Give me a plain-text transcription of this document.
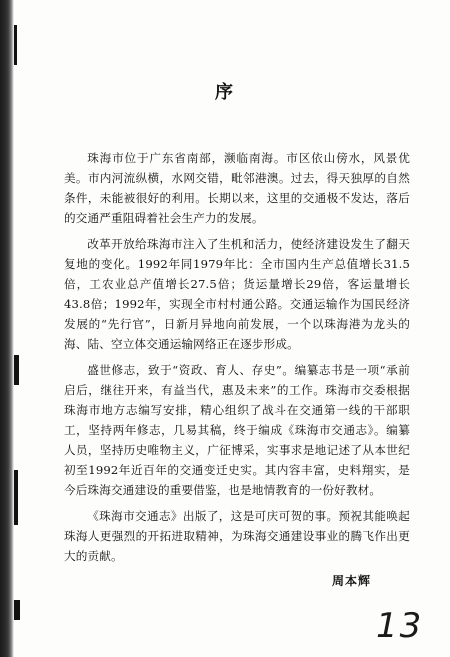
序

珠海市位于广东省南部，濒临南海。市区依山傍水，风景优美。市内河流纵横，水网交错，毗邻港澳。过去，得天独厚的自然条件，未能被很好的利用。长期以来，这里的交通极不发达，落后的交通严重阻碍着社会生产力的发展。

改革开放给珠海市注入了生机和活力，使经济建设发生了翻天复地的变化。1992年同1979年比：全市国内生产总值增长31.5倍，工农业总产值增长27.5倍；货运量增长29倍，客运量增长43.8倍；1992年，实现全市村村通公路。交通运输作为国民经济发展的“先行官”，日新月异地向前发展，一个以珠海港为龙头的海、陆、空立体交通运输网络正在逐步形成。

盛世修志，致于“资政、育人、存史”。编纂志书是一项“承前启后，继往开来，有益当代，惠及未来”的工作。珠海市交委根据珠海市地方志编写安排，精心组织了战斗在交通第一线的干部职工，坚持两年修志，几易其稿，终于编成《珠海市交通志》。编纂人员，坚持历史唯物主义，广征博采，实事求是地记述了从本世纪初至1992年近百年的交通变迁史实。其内容丰富，史料翔实，是今后珠海交通建设的重要借鉴，也是地情教育的一份好教材。

《珠海市交通志》出版了，这是可庆可贺的事。预祝其能唤起珠海人更强烈的开拓进取精神，为珠海交通建设事业的腾飞作出更大的贡献。

周本辉
13
